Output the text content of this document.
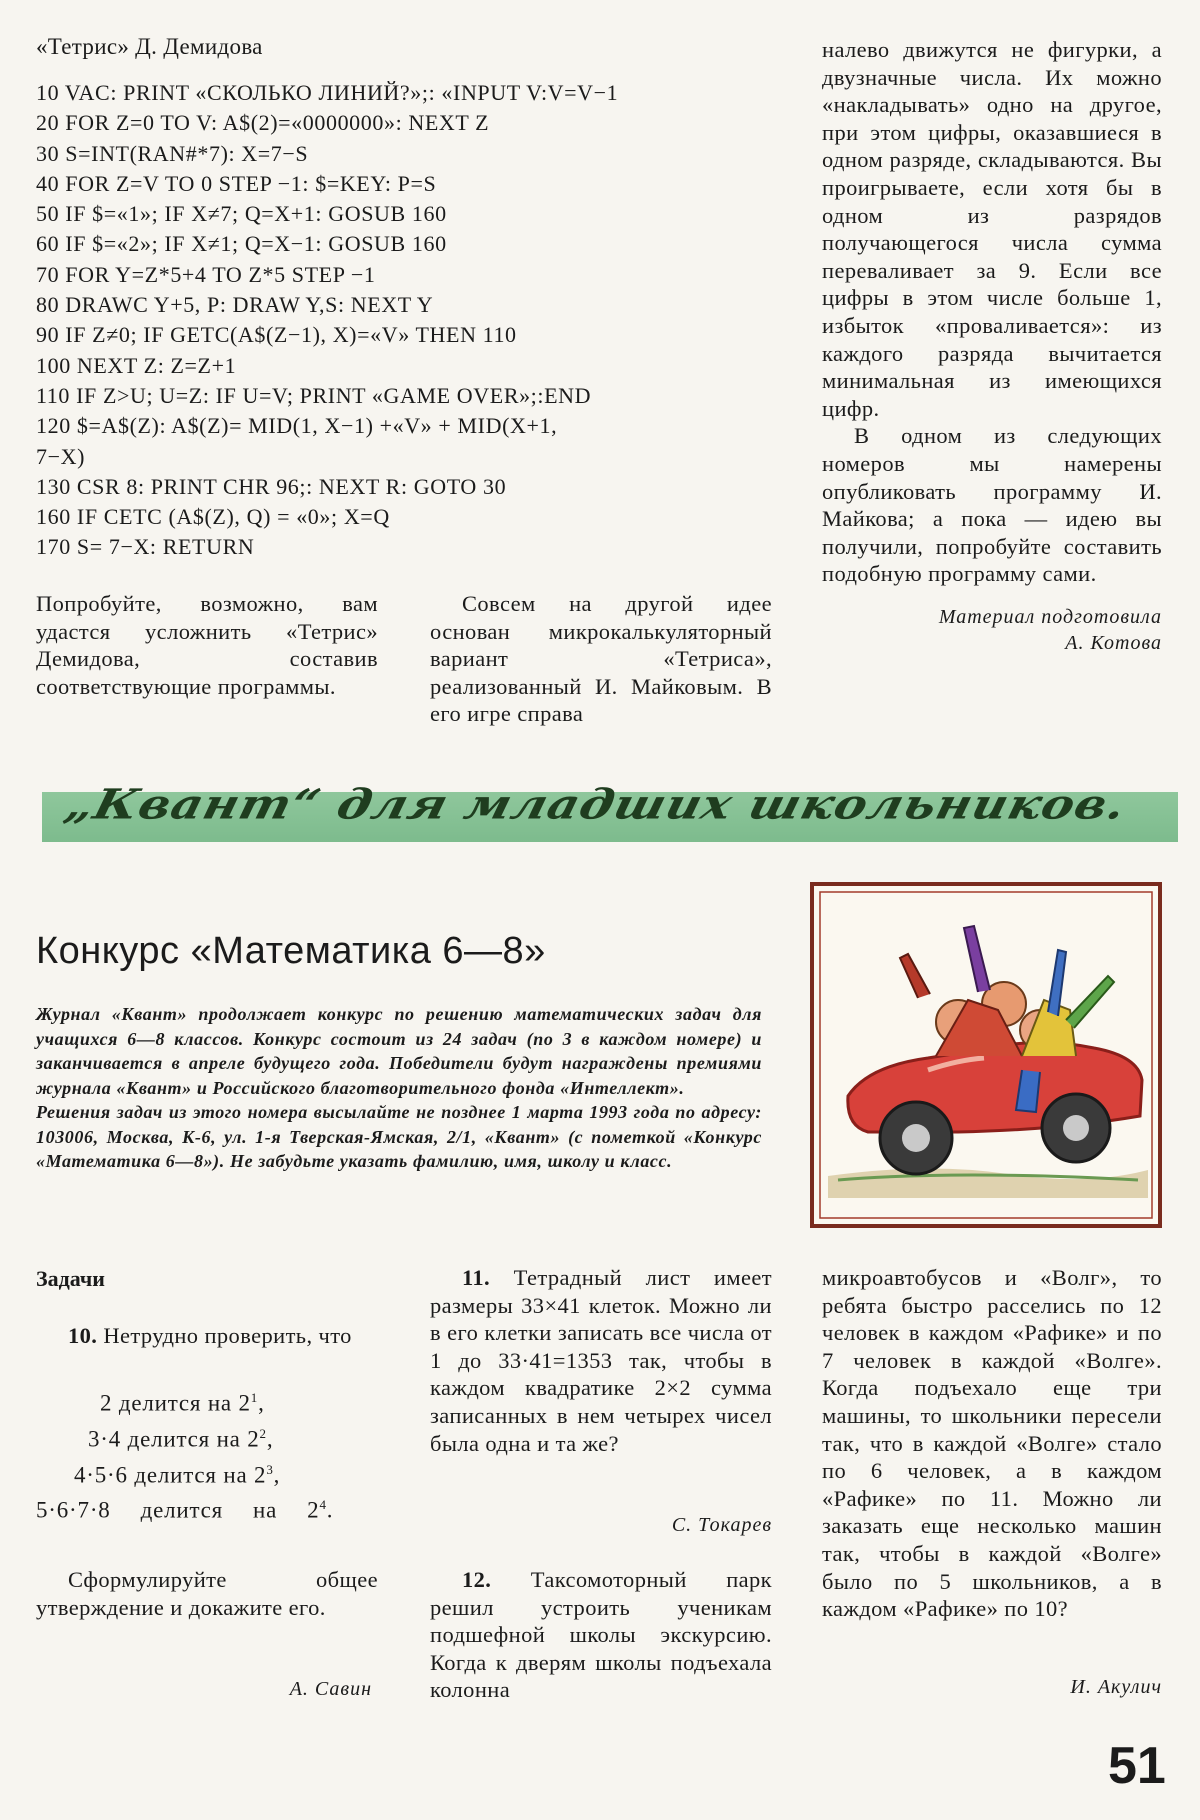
«Тетрис» Д. Демидова
10 VAC: PRINT «СКОЛЬКО ЛИНИЙ?»;: «INPUT V:V=V−1
20 FOR Z=0 TO V: A$(2)=«0000000»: NEXT Z
30 S=INT(RAN#*7): X=7−S
40 FOR Z=V TO 0 STEP −1: $=KEY: P=S
50 IF $=«1»; IF X≠7; Q=X+1: GOSUB 160
60 IF $=«2»; IF X≠1; Q=X−1: GOSUB 160
70 FOR Y=Z*5+4 TO Z*5 STEP −1
80 DRAWC Y+5, P: DRAW Y,S: NEXT Y
90 IF Z≠0; IF GETC(A$(Z−1), X)=«V» THEN 110
100 NEXT Z: Z=Z+1
110 IF Z>U; U=Z: IF U=V; PRINT «GAME OVER»;:END
120 $=A$(Z): A$(Z)= MID(1, X−1) +«V» + MID(X+1,
7−X)
130 CSR 8: PRINT CHR 96;: NEXT R: GOTO 30
160 IF CETC (A$(Z), Q) = «0»; X=Q
170 S= 7−X: RETURN

Попробуйте, возможно, вам удастся усложнить «Тетрис» Демидова, составив соответствующие программы.

Совсем на другой идее основан микрокалькуляторный вариант «Тетриса», реализованный И. Майковым. В его игре справа

налево движутся не фигурки, а двузначные числа. Их можно «накладывать» одно на другое, при этом цифры, оказавшиеся в одном разряде, складываются. Вы проигрываете, если хотя бы в одном из разрядов получающегося числа сумма переваливает за 9. Если все цифры в этом числе больше 1, избыток «проваливается»: из каждого разряда вычитается минимальная из имеющихся цифр.

В одном из следующих номеров мы намерены опубликовать программу И. Майкова; а пока — идею вы получили, попробуйте составить подобную программу сами.

Материал подготовила

А. Котова

„Квант“ для младших школьников.
Конкурс «Математика 6—8»

Журнал «Квант» продолжает конкурс по решению математических задач для учащихся 6—8 классов. Конкурс состоит из 24 задач (по 3 в каждом номере) и заканчивается в апреле будущего года. Победители будут награждены премиями журнала «Квант» и Российского благотворительного фонда «Интеллект».

Решения задач из этого номера высылайте не позднее 1 марта 1993 года по адресу: 103006, Москва, К-6, ул. 1-я Тверская-Ямская, 2/1, «Квант» (с пометкой «Конкурс «Математика 6—8»). Не забудьте указать фамилию, имя, школу и класс.

Задачи

10. Нетрудно проверить, что

2 делится на $2^1$,
3·4 делится на $2^2$,
4·5·6 делится на $2^3$,
5·6·7·8 делится на $2^4$.

Сформулируйте общее утверждение и докажите его.

А. Савин

11. Тетрадный лист имеет размеры 33×41 клеток. Можно ли в его клетки записать все числа от 1 до 33·41=1353 так, чтобы в каждом квадратике 2×2 сумма записанных в нем четырех чисел была одна и та же?

С. Токарев

12. Таксомоторный парк решил устроить ученикам подшефной школы экскурсию. Когда к дверям школы подъехала колонна

микроавтобусов и «Волг», то ребята быстро расселись по 12 человек в каждом «Рафике» и по 7 человек в каждой «Волге». Когда подъехало еще три машины, то школьники пересели так, что в каждой «Волге» стало по 6 человек, а в каждом «Рафике» по 11. Можно ли заказать еще несколько машин так, чтобы в каждой «Волге» было по 5 школьников, а в каждом «Рафике» по 10?

И. Акулич

51
